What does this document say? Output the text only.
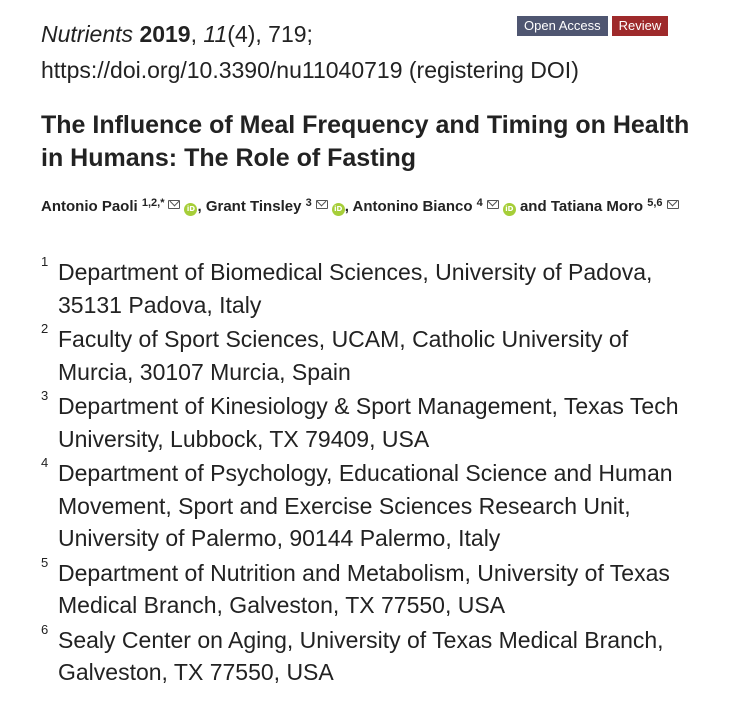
Nutrients 2019, 11(4), 719;
https://doi.org/10.3390/nu11040719 (registering DOI)
Open Access	Review
The Influence of Meal Frequency and Timing on Health in Humans: The Role of Fasting
Antonio Paoli $^{1,2,*}$	iD , Grant Tinsley $^3$	iD , Antonino Bianco $^4$	iD and Tatiana Moro $^{5,6}$
1 Department of Biomedical Sciences, University of Padova, 35131 Padova, Italy
2 Faculty of Sport Sciences, UCAM, Catholic University of Murcia, 30107 Murcia, Spain
3 Department of Kinesiology & Sport Management, Texas Tech University, Lubbock, TX 79409, USA
4 Department of Psychology, Educational Science and Human Movement, Sport and Exercise Sciences Research Unit, University of Palermo, 90144 Palermo, Italy
5 Department of Nutrition and Metabolism, University of Texas Medical Branch, Galveston, TX 77550, USA
6 Sealy Center on Aging, University of Texas Medical Branch, Galveston, TX 77550, USA
